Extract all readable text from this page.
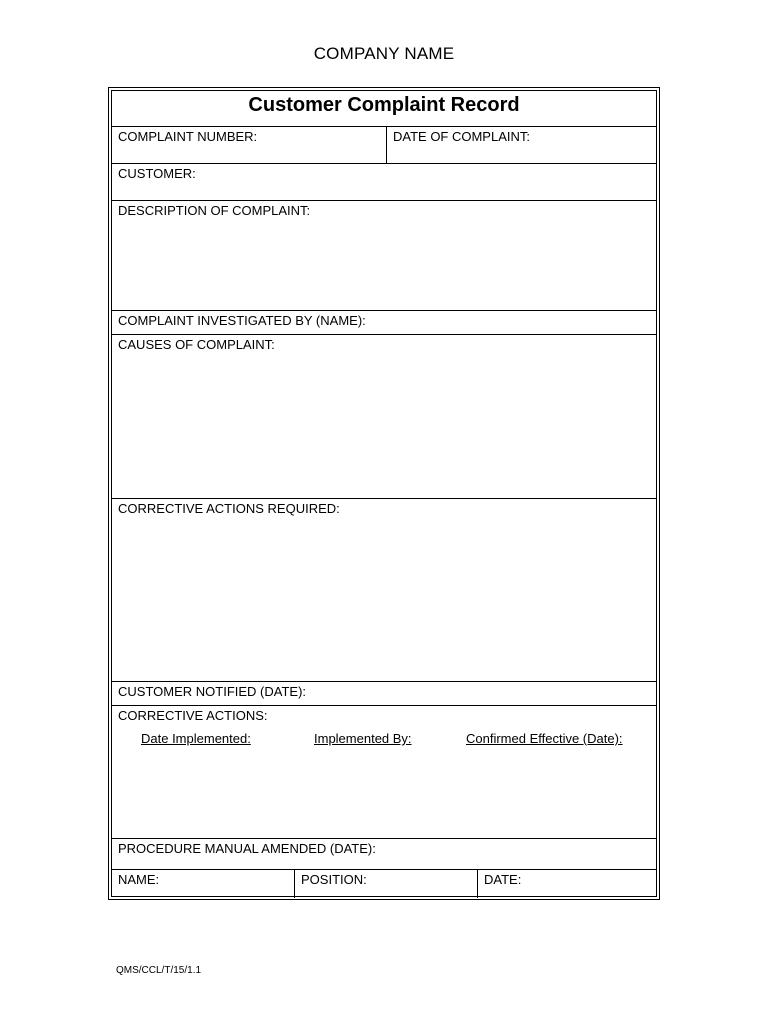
COMPANY NAME
Customer Complaint Record
COMPLAINT NUMBER:	DATE OF COMPLAINT:
CUSTOMER:
DESCRIPTION OF COMPLAINT:
COMPLAINT INVESTIGATED BY (NAME):
CAUSES OF COMPLAINT:
CORRECTIVE ACTIONS REQUIRED:
CUSTOMER NOTIFIED (DATE):
CORRECTIVE ACTIONS:
Date Implemented:	Implemented By:	Confirmed Effective (Date):
PROCEDURE MANUAL AMENDED (DATE):
NAME:	POSITION:	DATE:
QMS/CCL/T/15/1.1
